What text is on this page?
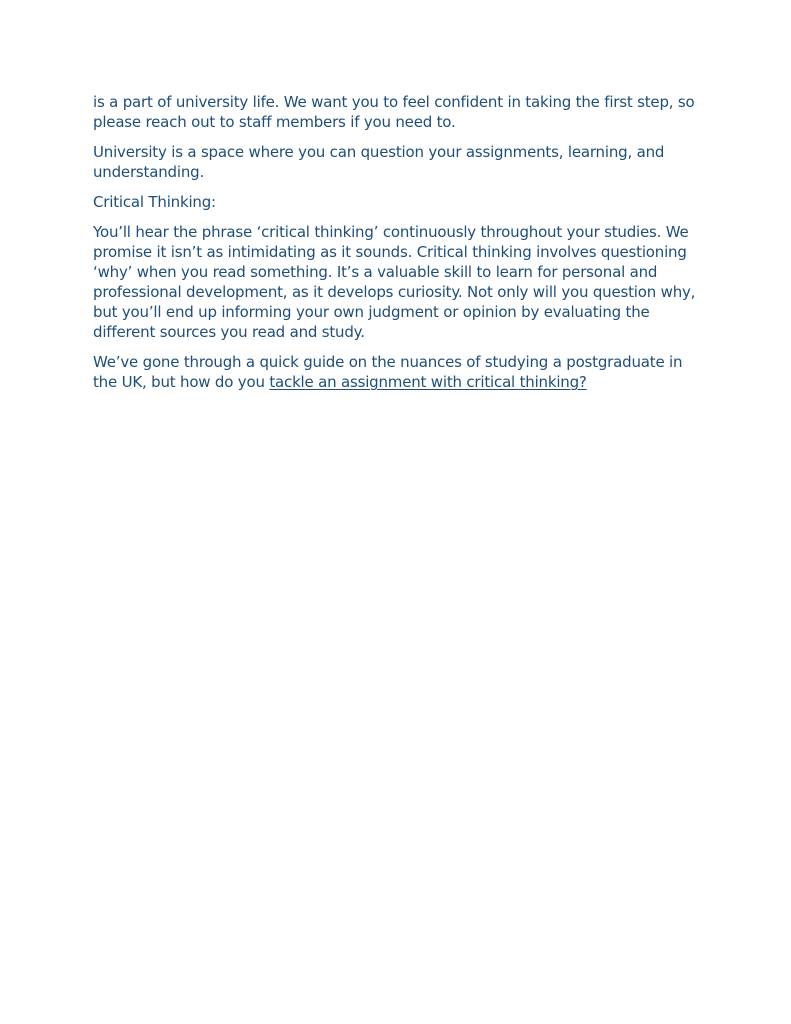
is a part of university life. We want you to feel confident in taking the first step, so please reach out to staff members if you need to.

University is a space where you can question your assignments, learning, and understanding.

Critical Thinking:

You’ll hear the phrase ‘critical thinking’ continuously throughout your studies. We promise it isn’t as intimidating as it sounds. Critical thinking involves questioning ‘why’ when you read something. It’s a valuable skill to learn for personal and professional development, as it develops curiosity. Not only will you question why, but you’ll end up informing your own judgment or opinion by evaluating the different sources you read and study.

We’ve gone through a quick guide on the nuances of studying a postgraduate in the UK, but how do you tackle an assignment with critical thinking?
